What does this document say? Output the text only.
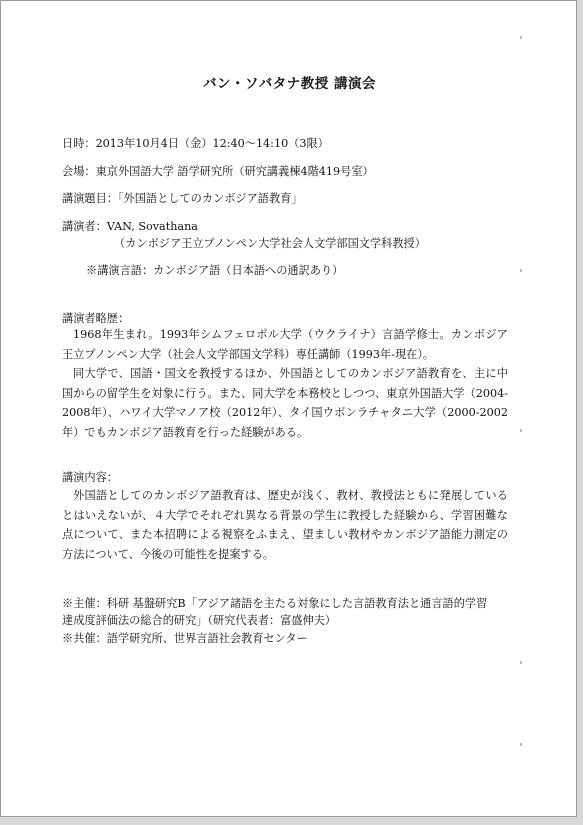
バン・ソバタナ教授 講演会
日時：2013年10月4日（金）12:40～14:10（3限）
会場：東京外国語大学 語学研究所（研究講義棟4階419号室）
講演題目：「外国語としてのカンボジア語教育」
講演者：VAN, Sovathana
（カンボジア王立プノンペン大学社会人文学部国文学科教授）
※講演言語：カンボジア語（日本語への通訳あり）
講演者略歴：

1968年生まれ。1993年シムフェロポル大学（ウクライナ）言語学修士。カンボジア王立プノンペン大学（社会人文学部国文学科）専任講師（1993年-現在）。

同大学で、国語・国文を教授するほか、外国語としてのカンボジア語教育を、主に中国からの留学生を対象に行う。また、同大学を本務校としつつ、東京外国語大学（2004-2008年）、ハワイ大学マノア校（2012年）、タイ国ウボンラチャタニ大学（2000-2002年）でもカンボジア語教育を行った経験がある。

講演内容：

外国語としてのカンボジア語教育は、歴史が浅く、教材、教授法ともに発展しているとはいえないが、４大学でそれぞれ異なる背景の学生に教授した経験から、学習困難な点について、また本招聘による視察をふまえ、望ましい教材やカンボジア語能力測定の方法について、今後の可能性を提案する。

※主催：科研 基盤研究B「アジア諸語を主たる対象にした言語教育法と通言語的学習
達成度評価法の総合的研究」（研究代表者：富盛伸夫）
※共催：語学研究所、世界言語社会教育センター
